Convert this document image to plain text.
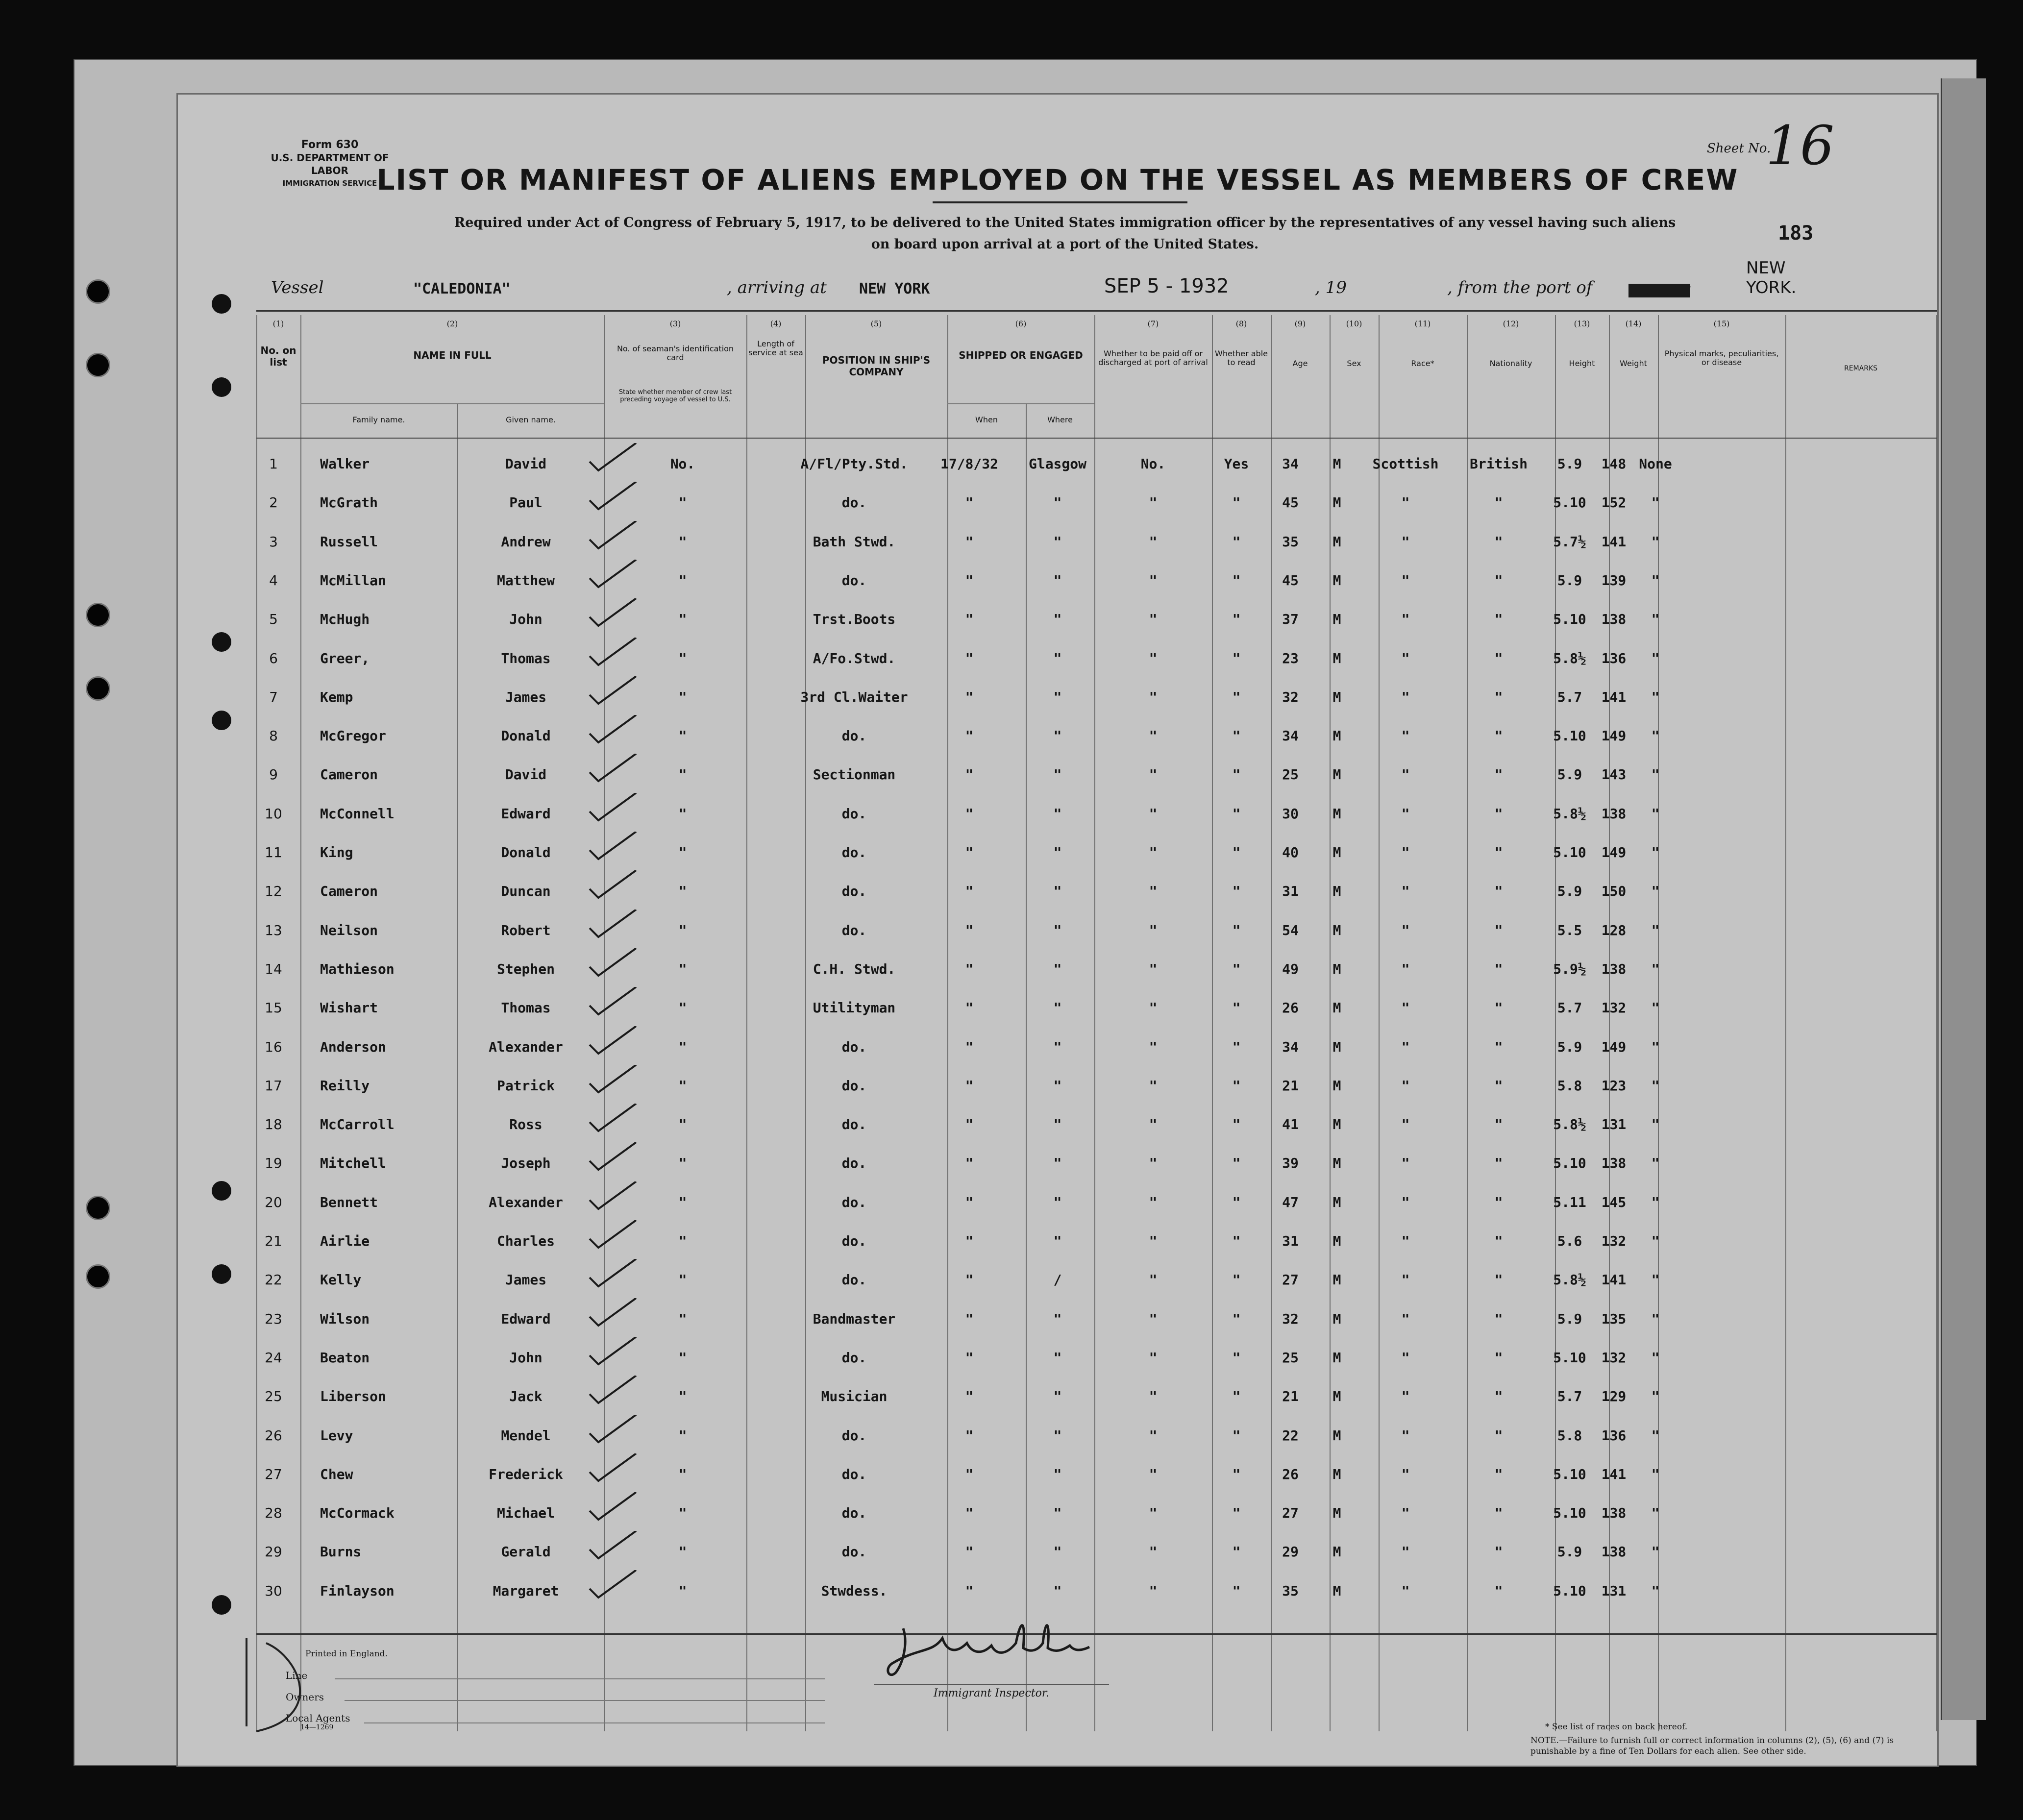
Form 630
U.S. DEPARTMENT OF LABOR
IMMIGRATION SERVICE
Sheet No.
16
183
LIST OR MANIFEST OF ALIENS EMPLOYED ON THE VESSEL AS MEMBERS OF CREW
Required under Act of Congress of February 5, 1917, to be delivered to the United States immigration officer by the representatives of any vessel having such aliens
on board upon arrival at a port of the United States.
Vessel	"CALEDONIA"	, arriving at NEW YORK	SEP 5 - 1932	, 19	, from the port of GLASGOW
NEW YORK.
(1)	(2)	(3)	(4)	(5)	(6)	(7)	(8)	(9)	(10)	(11)	(12)	(13)	(14)	(15)
No. on list
NAME IN FULL
Family name.	Given name.
No. of seaman's identification card
State whether member of crew last preceding voyage of vessel to U.S.
Length of service at sea
POSITION IN SHIP'S COMPANY
SHIPPED OR ENGAGED
When	Where
Whether to be paid off or discharged at port of arrival
Whether able to read	Age	Sex	Race*	Nationality	Height	Weight
Physical marks, peculiarities, or disease
REMARKS
1	Walker	David	No.	A/Fl/Pty.Std.	17/8/32	Glasgow	No.	Yes	34	M	Scottish	British	5.9	148 None
2	McGrath	Paul	"	do.	"	"	"	"	45	M	"	"	5.10	152	"
3	Russell	Andrew	"	Bath Stwd.	"	"	"	"	35	M	"	"	5.7½	141	"
4	McMillan	Matthew	"	do.	"	"	"	"	45	M	"	"	5.9	139	"
5	McHugh	John	"	Trst.Boots	"	"	"	"	37	M	"	"	5.10	138	"
6	Greer,	Thomas	"	A/Fo.Stwd.	"	"	"	"	23	M	"	"	5.8½	136	"
7	Kemp	James	"	3rd Cl.Waiter	"	"	"	"	32	M	"	"	5.7	141	"
8	McGregor	Donald	"	do.	"	"	"	"	34	M	"	"	5.10	149	"
9	Cameron	David	"	Sectionman	"	"	"	"	25	M	"	"	5.9	143	"
10	McConnell	Edward	"	do.	"	"	"	"	30	M	"	"	5.8½	138	"
11	King	Donald	"	do.	"	"	"	"	40	M	"	"	5.10	149	"
12	Cameron	Duncan	"	do.	"	"	"	"	31	M	"	"	5.9	150	"
13	Neilson	Robert	"	do.	"	"	"	"	54	M	"	"	5.5	128	"
14	Mathieson	Stephen	"	C.H. Stwd.	"	"	"	"	49	M	"	"	5.9½	138	"
15	Wishart	Thomas	"	Utilityman	"	"	"	"	26	M	"	"	5.7	132	"
16	Anderson	Alexander	"	do.	"	"	"	"	34	M	"	"	5.9	149	"
17	Reilly	Patrick	"	do.	"	"	"	"	21	M	"	"	5.8	123	"
18	McCarroll	Ross	"	do.	"	"	"	"	41	M	"	"	5.8½	131	"
19	Mitchell	Joseph	"	do.	"	"	"	"	39	M	"	"	5.10	138	"
20	Bennett	Alexander	"	do.	"	"	"	"	47	M	"	"	5.11	145	"
21	Airlie	Charles	"	do.	"	"	"	"	31	M	"	"	5.6	132	"
22	Kelly	James	"	do.	"	/	"	"	27	M	"	"	5.8½	141	"
23	Wilson	Edward	"	Bandmaster	"	"	"	"	32	M	"	"	5.9	135	"
24	Beaton	John	"	do.	"	"	"	"	25	M	"	"	5.10	132	"
25	Liberson	Jack	"	Musician	"	"	"	"	21	M	"	"	5.7	129	"
26	Levy	Mendel	"	do.	"	"	"	"	22	M	"	"	5.8	136	"
27	Chew	Frederick	"	do.	"	"	"	"	26	M	"	"	5.10	141	"
28	McCormack	Michael	"	do.	"	"	"	"	27	M	"	"	5.10	138	"
29	Burns	Gerald	"	do.	"	"	"	"	29	M	"	"	5.9	138	"
30	Finlayson	Margaret	"	Stwdess.	"	"	"	"	35	M	"	"	5.10	131	"
Printed in England.
Line
Owners
Local Agents
14—1269
Immigrant Inspector.
* See list of races on back hereof.
NOTE.—Failure to furnish full or correct information in columns (2), (5), (6) and (7) is punishable by a fine of Ten Dollars for each alien. See other side.
